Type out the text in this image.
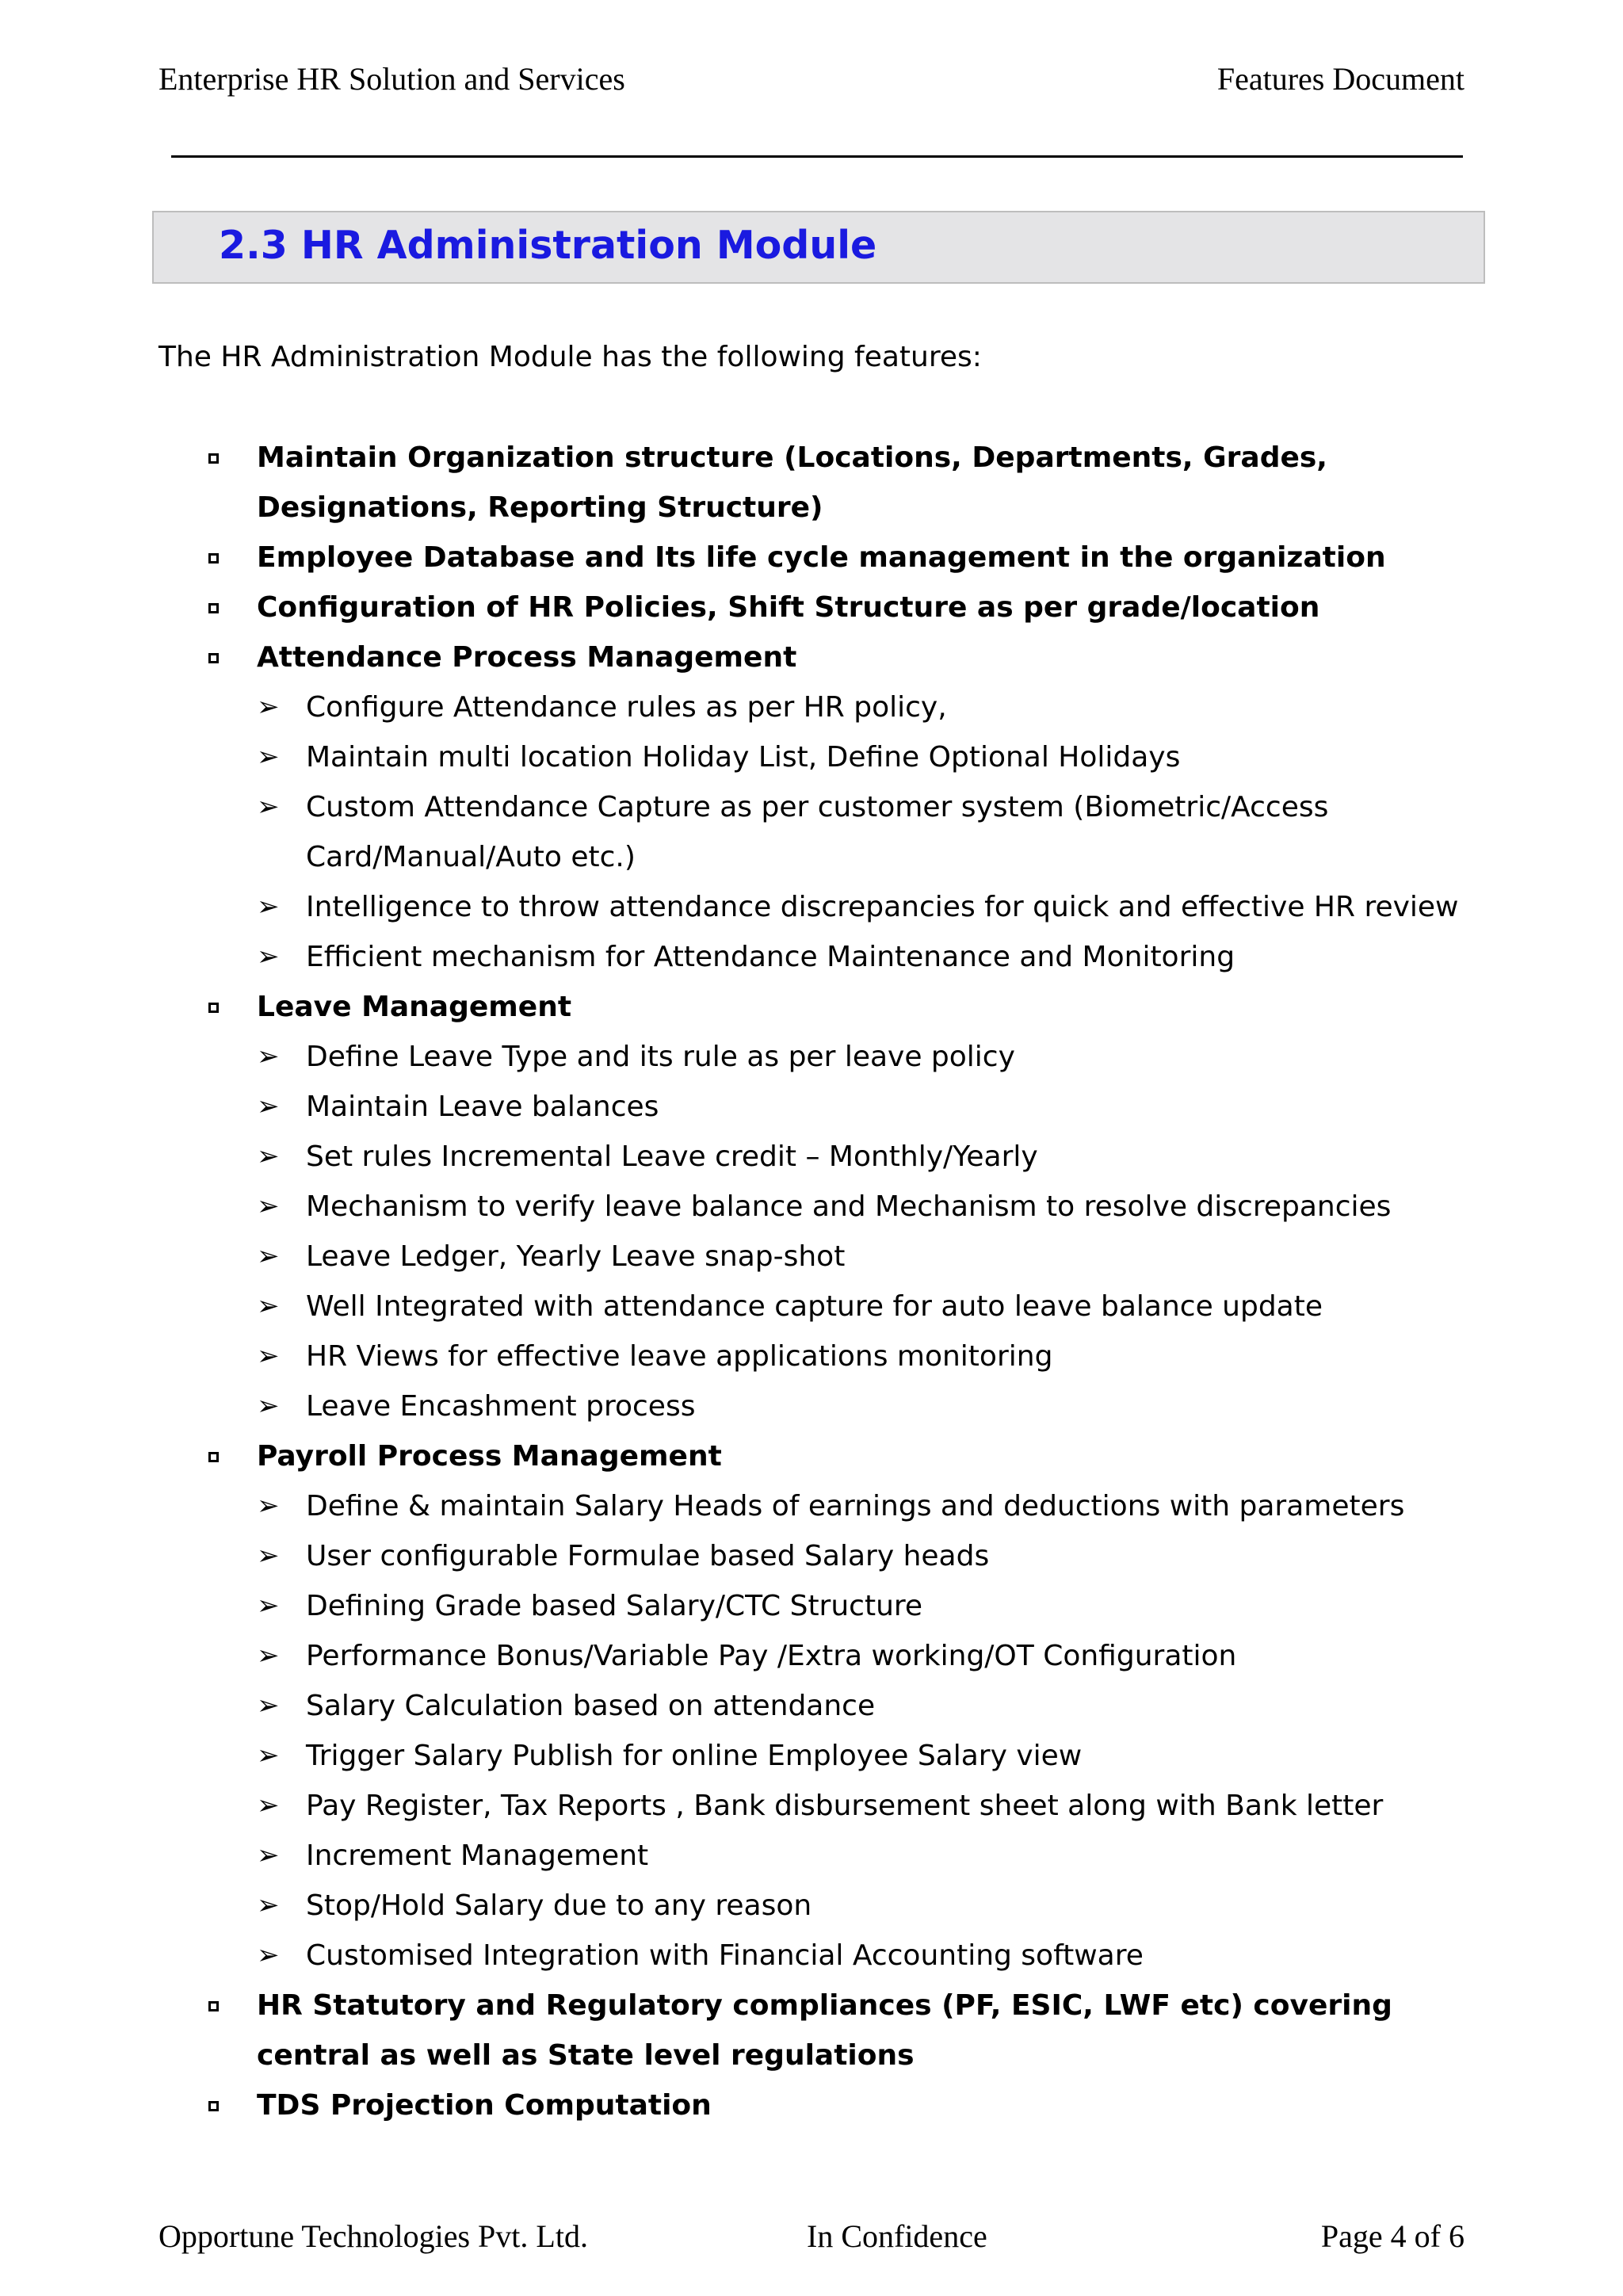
Enterprise HR Solution and Services	Features Document
2.3 HR Administration Module
The HR Administration Module has the following features:
Maintain Organization structure (Locations, Departments, Grades, Designations, Reporting Structure)
Employee Database and Its life cycle management in the organization
Configuration of HR Policies, Shift Structure as per grade/location
Attendance Process Management
➢ Configure Attendance rules as per HR policy,
➢ Maintain multi location Holiday List, Define Optional Holidays
➢ Custom Attendance Capture as per customer system (Biometric/Access Card/Manual/Auto etc.)
➢ Intelligence to throw attendance discrepancies for quick and effective HR review
➢ Efficient mechanism for Attendance Maintenance and Monitoring
Leave Management
➢ Define Leave Type and its rule as per leave policy
➢ Maintain Leave balances
➢ Set rules Incremental Leave credit – Monthly/Yearly
➢ Mechanism to verify leave balance and Mechanism to resolve discrepancies
➢ Leave Ledger, Yearly Leave snap-shot
➢ Well Integrated with attendance capture for auto leave balance update
➢ HR Views for effective leave applications monitoring
➢ Leave Encashment process
Payroll Process Management
➢ Define & maintain Salary Heads of earnings and deductions with parameters
➢ User configurable Formulae based Salary heads
➢ Defining Grade based Salary/CTC Structure
➢ Performance Bonus/Variable Pay /Extra working/OT Configuration
➢ Salary Calculation based on attendance
➢ Trigger Salary Publish for online Employee Salary view
➢ Pay Register, Tax Reports , Bank disbursement sheet along with Bank letter
➢ Increment Management
➢ Stop/Hold Salary due to any reason
➢ Customised Integration with Financial Accounting software
HR Statutory and Regulatory compliances (PF, ESIC, LWF etc) covering central as well as State level regulations
TDS Projection Computation
Opportune Technologies Pvt. Ltd.	In Confidence	Page 4 of 6
